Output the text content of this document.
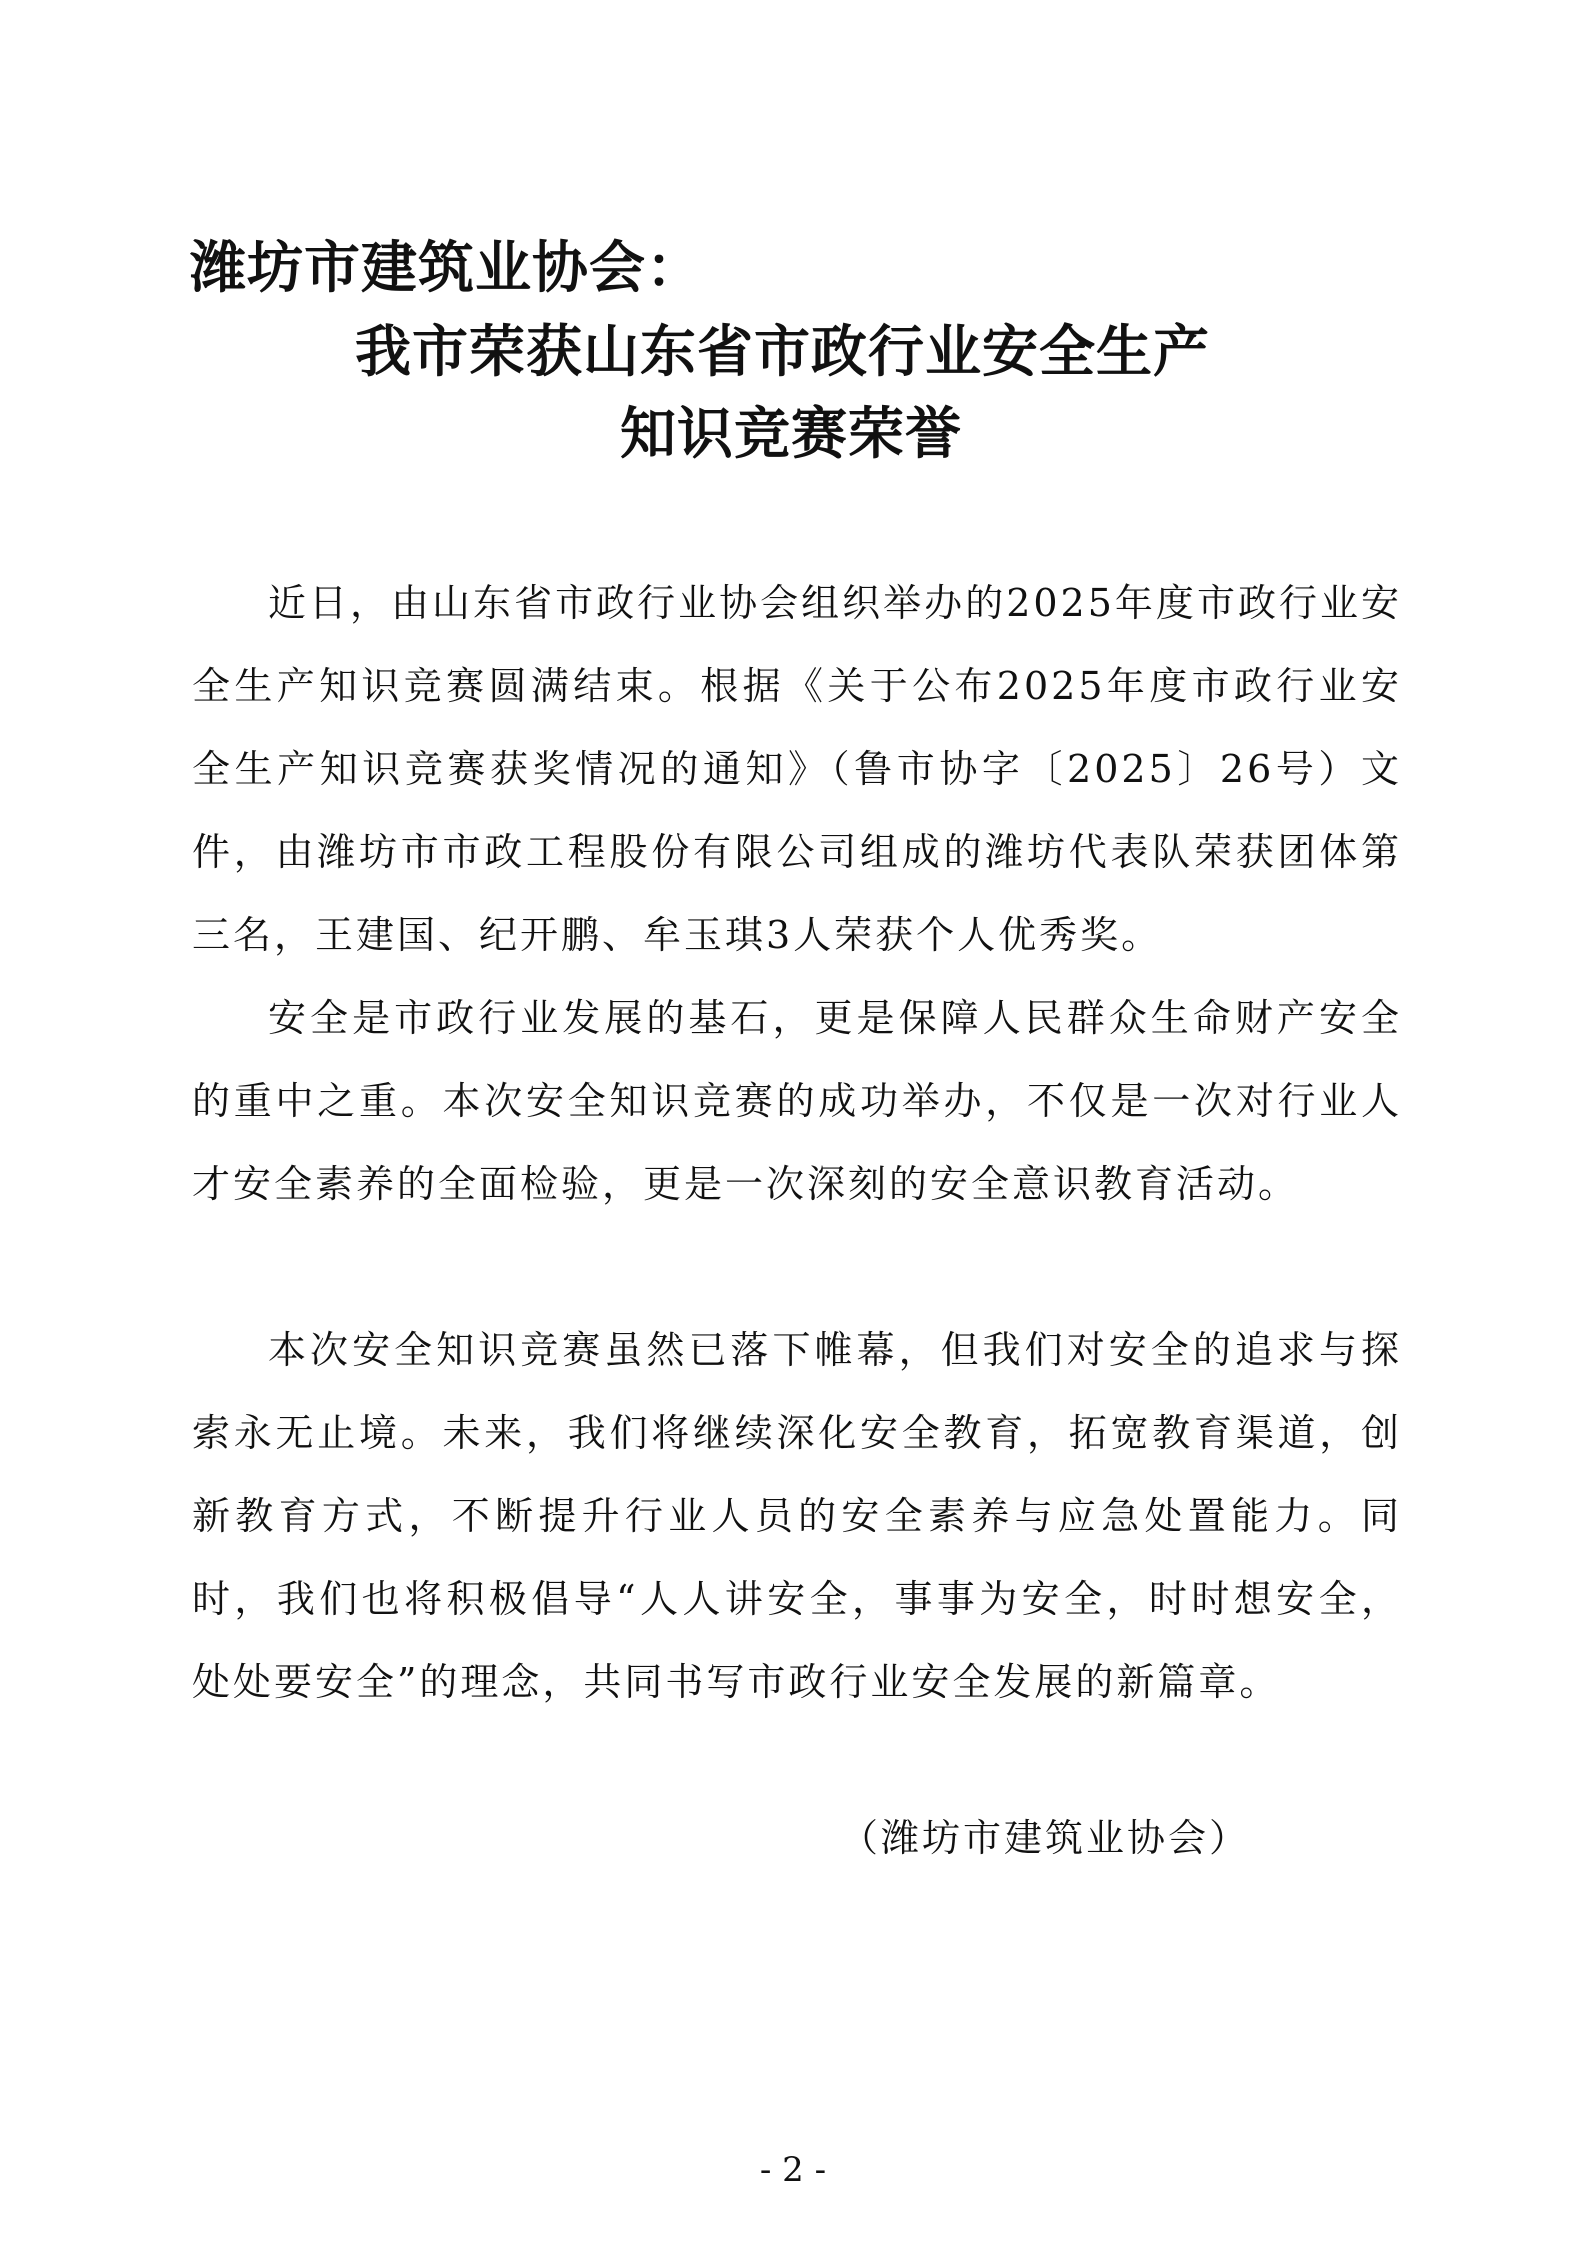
潍坊市建筑业协会：
我市荣获山东省市政行业安全生产
知识竞赛荣誉

近日，由山东省市政行业协会组织举办的2025年度市政行业安全生产知识竞赛圆满结束。根据《关于公布2025年度市政行业安全生产知识竞赛获奖情况的通知》（鲁市协字〔2025〕26号）文件，由潍坊市市政工程股份有限公司组成的潍坊代表队荣获团体第三名，王建国、纪开鹏、牟玉琪3人荣获个人优秀奖。

安全是市政行业发展的基石，更是保障人民群众生命财产安全的重中之重。本次安全知识竞赛的成功举办，不仅是一次对行业人才安全素养的全面检验，更是一次深刻的安全意识教育活动。

本次安全知识竞赛虽然已落下帷幕，但我们对安全的追求与探索永无止境。未来，我们将继续深化安全教育，拓宽教育渠道，创新教育方式，不断提升行业人员的安全素养与应急处置能力。同时，我们也将积极倡导“人人讲安全，事事为安全，时时想安全，处处要安全”的理念，共同书写市政行业安全发展的新篇章。

（潍坊市建筑业协会）

- 2 -
